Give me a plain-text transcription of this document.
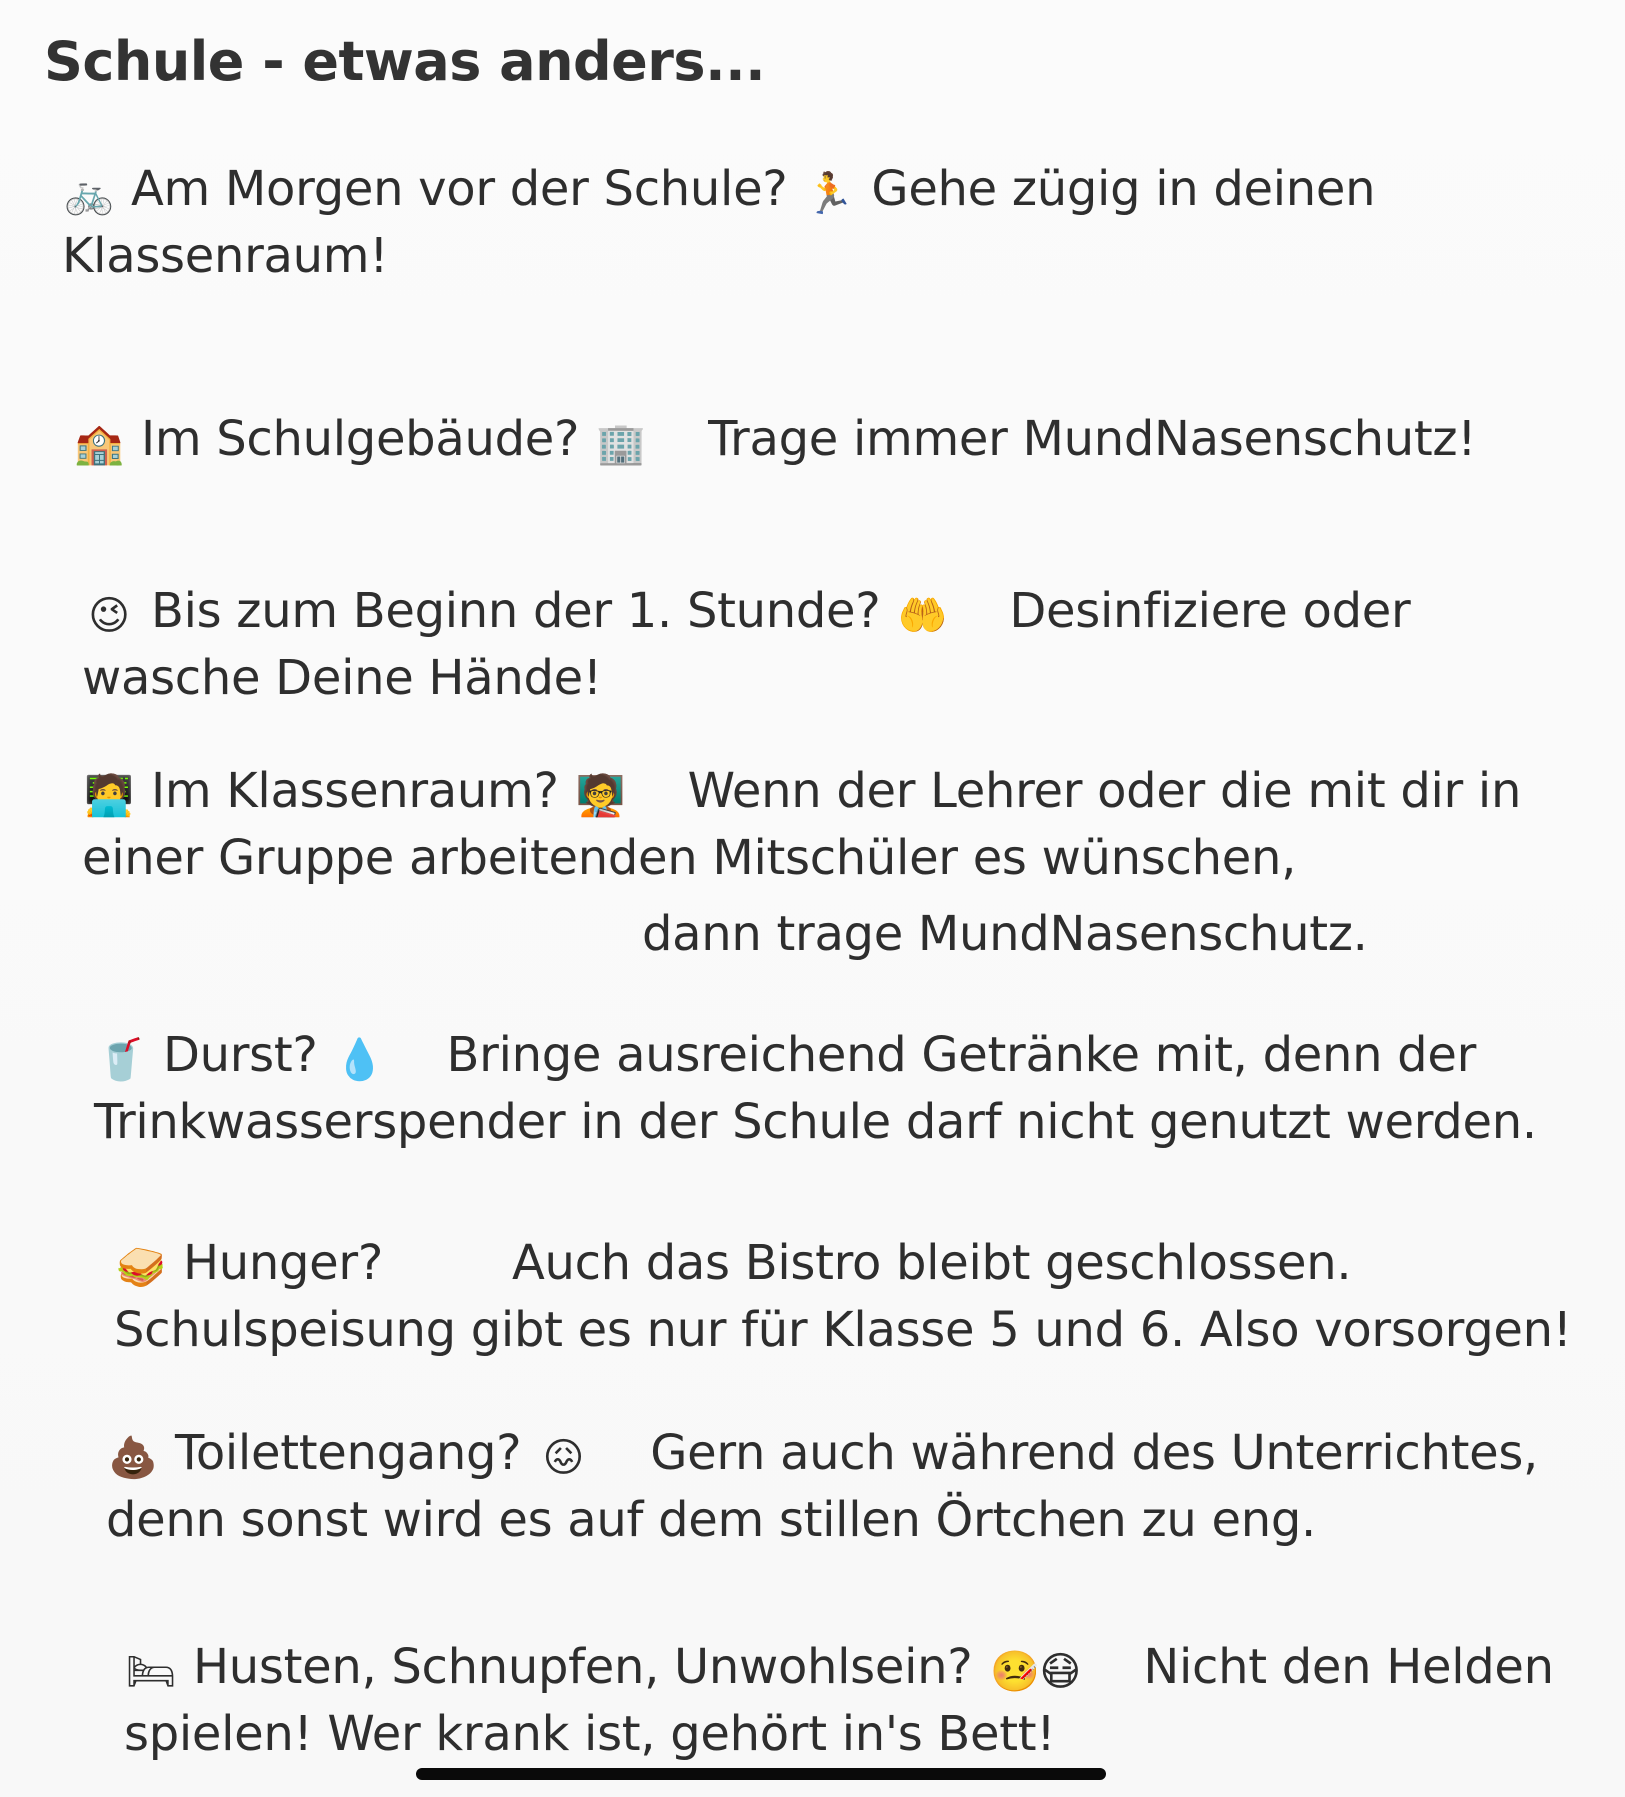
Schule - etwas anders...
🚲 Am Morgen vor der Schule? 🏃 Gehe zügig in deinen
Klassenraum!
🏫 Im Schulgebäude? 🏢 Trage immer MundNasenschutz!
😉 Bis zum Beginn der 1. Stunde? 🤲 Desinfiziere oder
wasche Deine Hände!
🧑‍💻 Im Klassenraum? 🧑‍🏫 Wenn der Lehrer oder die mit dir in
einer Gruppe arbeitenden Mitschüler es wünschen,
dann trage MundNasenschutz.
🥤 Durst? 💧 Bringe ausreichend Getränke mit, denn der
Trinkwasserspender in der Schule darf nicht genutzt werden.
🥪 Hunger?	Auch das Bistro bleibt geschlossen.
Schulspeisung gibt es nur für Klasse 5 und 6. Also vorsorgen!
💩 Toilettengang? 😖 Gern auch während des Unterrichtes,
denn sonst wird es auf dem stillen Örtchen zu eng.
🛏 Husten, Schnupfen, Unwohlsein? 🤒😷 Nicht den Helden
spielen! Wer krank ist, gehört in's Bett!
